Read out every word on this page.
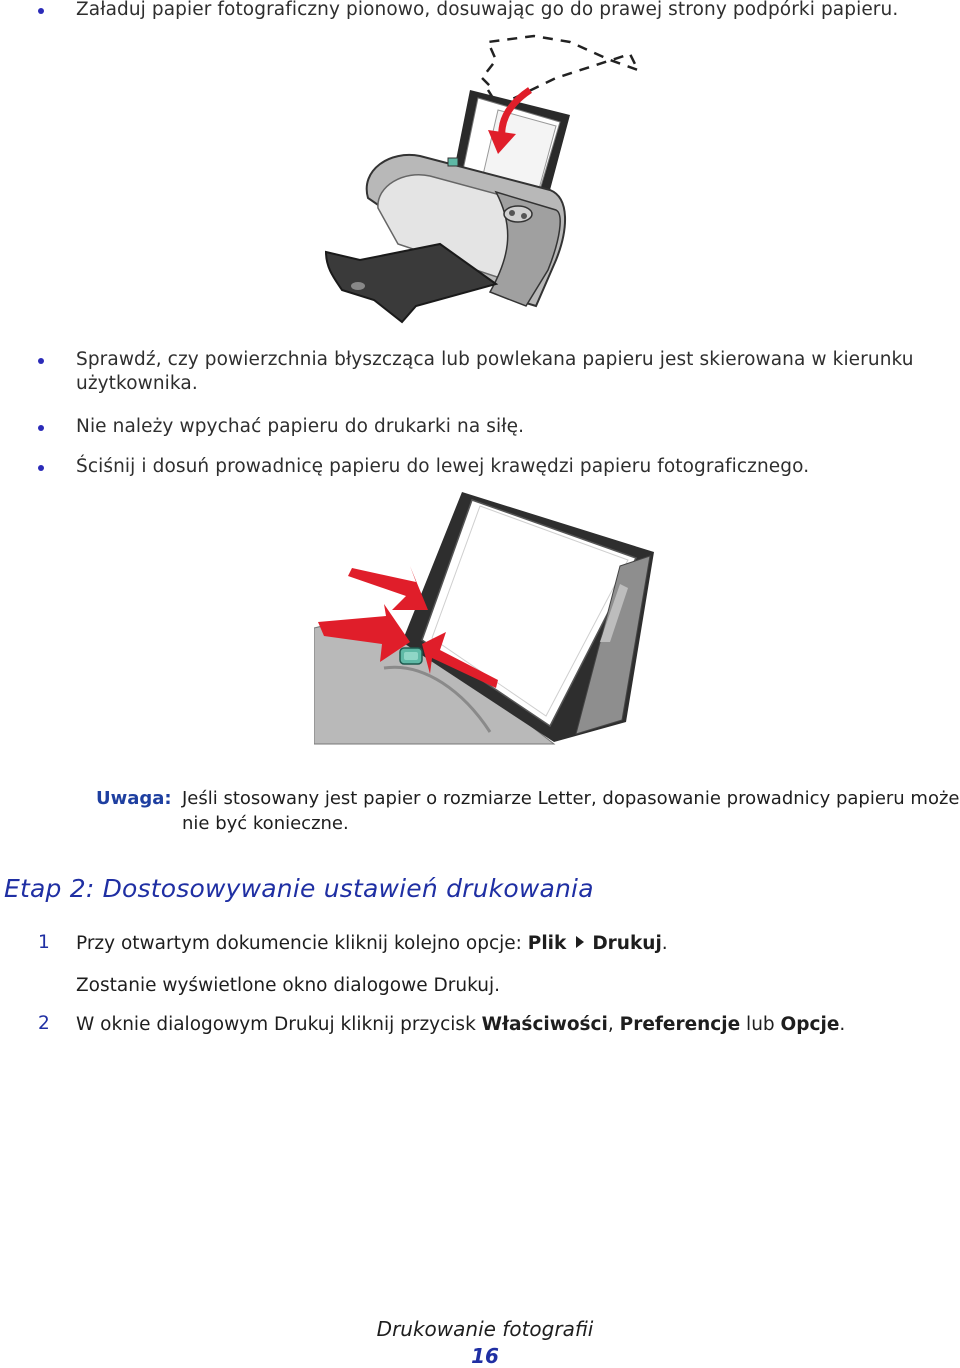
Załaduj papier fotograficzny pionowo, dosuwając go do prawej strony podpórki papieru.
Sprawdź, czy powierzchnia błyszcząca lub powlekana papieru jest skierowana w kierunku użytkownika.
Nie należy wpychać papieru do drukarki na siłę.
Ściśnij i dosuń prowadnicę papieru do lewej krawędzi papieru fotograficznego.
Uwaga: Jeśli stosowany jest papier o rozmiarze Letter, dopasowanie prowadnicy papieru może nie być konieczne.
Etap 2: Dostosowywanie ustawień drukowania
1 Przy otwartym dokumencie kliknij kolejno opcje: Plik Drukuj.
Zostanie wyświetlone okno dialogowe Drukuj.
2 W oknie dialogowym Drukuj kliknij przycisk Właściwości, Preferencje lub Opcje.
Drukowanie fotografii
16
